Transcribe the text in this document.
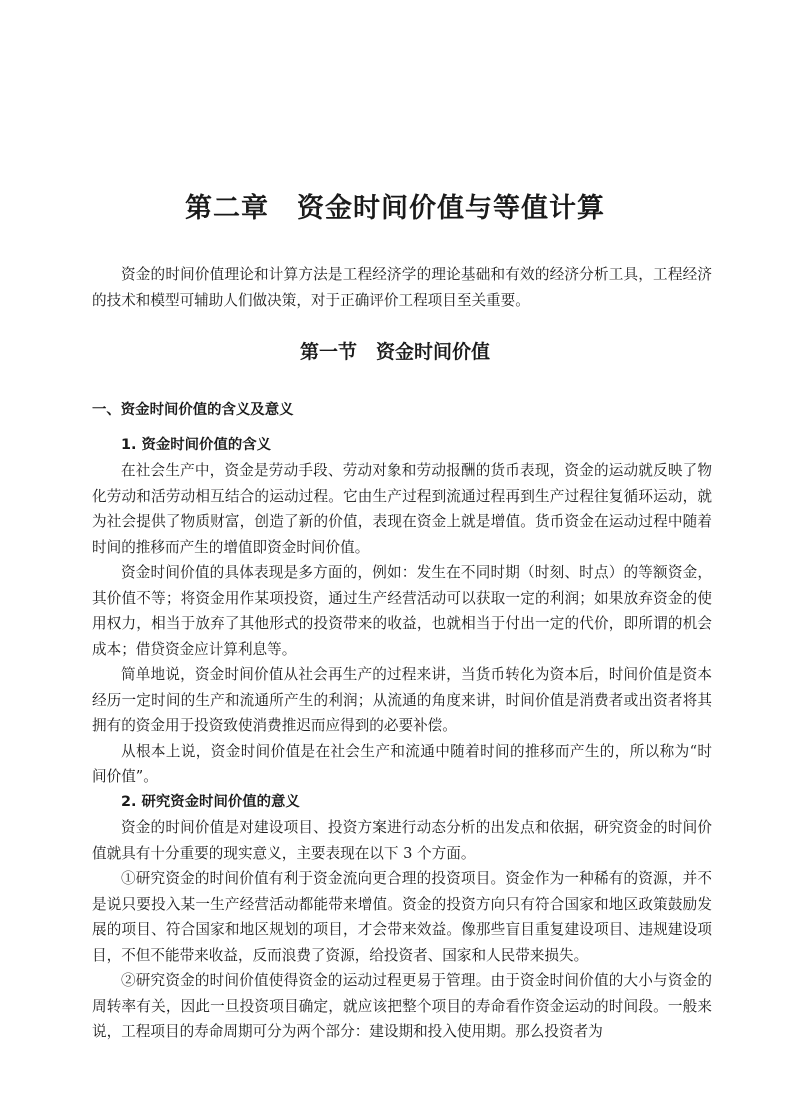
第二章　资金时间价值与等值计算

资金的时间价值理论和计算方法是工程经济学的理论基础和有效的经济分析工具，工程经济的技术和模型可辅助人们做决策，对于正确评价工程项目至关重要。

第一节　资金时间价值
一、资金时间价值的含义及意义
1. 资金时间价值的含义

在社会生产中，资金是劳动手段、劳动对象和劳动报酬的货币表现，资金的运动就反映了物化劳动和活劳动相互结合的运动过程。它由生产过程到流通过程再到生产过程往复循环运动，就为社会提供了物质财富，创造了新的价值，表现在资金上就是增值。货币资金在运动过程中随着时间的推移而产生的增值即资金时间价值。

资金时间价值的具体表现是多方面的，例如：发生在不同时期（时刻、时点）的等额资金，其价值不等；将资金用作某项投资，通过生产经营活动可以获取一定的利润；如果放弃资金的使用权力，相当于放弃了其他形式的投资带来的收益，也就相当于付出一定的代价，即所谓的机会成本；借贷资金应计算利息等。

简单地说，资金时间价值从社会再生产的过程来讲，当货币转化为资本后，时间价值是资本经历一定时间的生产和流通所产生的利润；从流通的角度来讲，时间价值是消费者或出资者将其拥有的资金用于投资致使消费推迟而应得到的必要补偿。

从根本上说，资金时间价值是在社会生产和流通中随着时间的推移而产生的，所以称为“时间价值”。

2. 研究资金时间价值的意义

资金的时间价值是对建设项目、投资方案进行动态分析的出发点和依据，研究资金的时间价值就具有十分重要的现实意义，主要表现在以下 3 个方面。

①研究资金的时间价值有利于资金流向更合理的投资项目。资金作为一种稀有的资源，并不是说只要投入某一生产经营活动都能带来增值。资金的投资方向只有符合国家和地区政策鼓励发展的项目、符合国家和地区规划的项目，才会带来效益。像那些盲目重复建设项目、违规建设项目，不但不能带来收益，反而浪费了资源，给投资者、国家和人民带来损失。

②研究资金的时间价值使得资金的运动过程更易于管理。由于资金时间价值的大小与资金的周转率有关，因此一旦投资项目确定，就应该把整个项目的寿命看作资金运动的时间段。一般来说，工程项目的寿命周期可分为两个部分：建设期和投入使用期。那么投资者为
